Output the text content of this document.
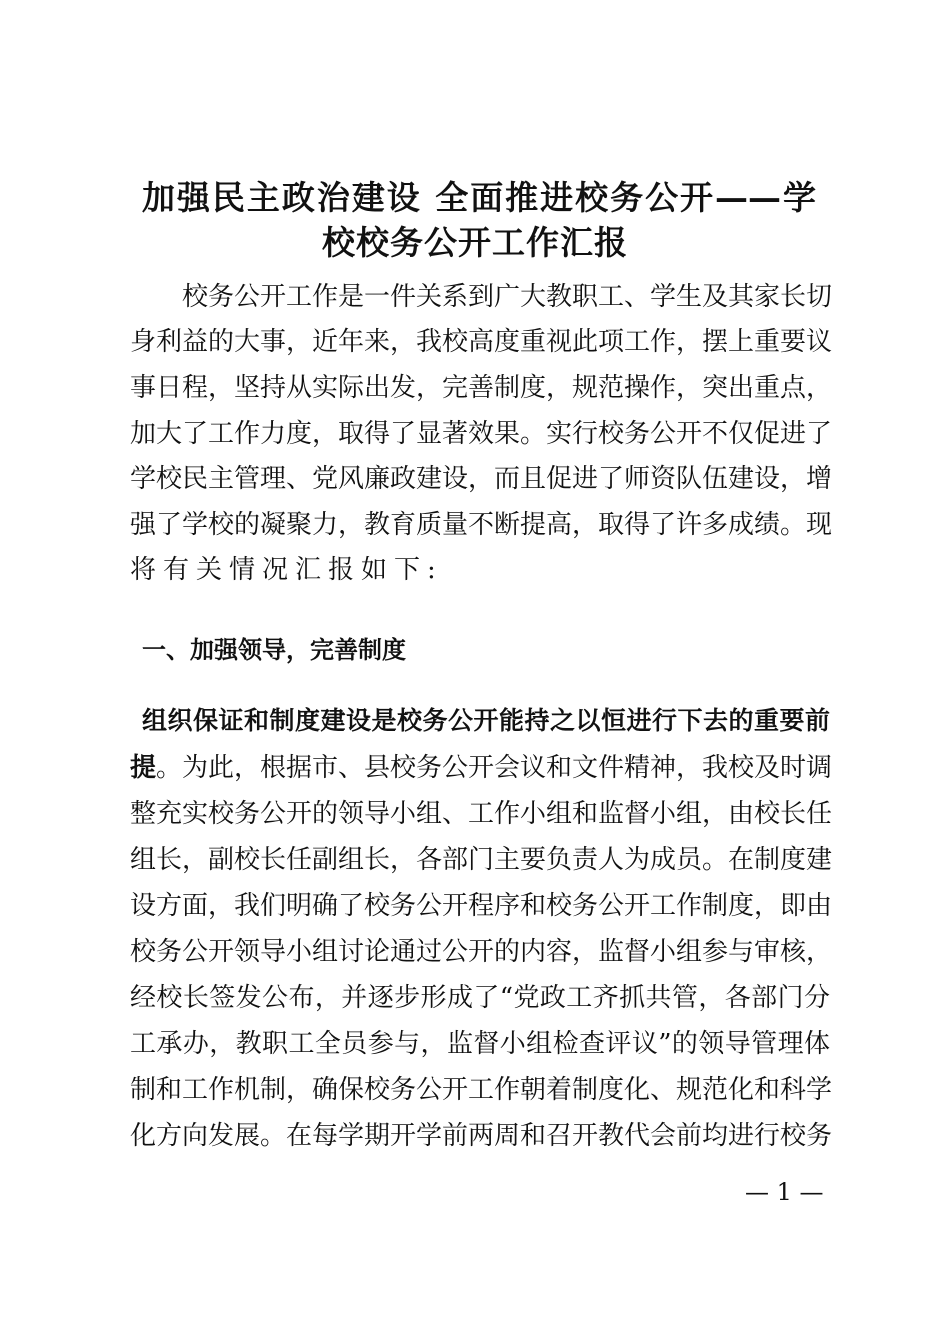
加强民主政治建设 全面推进校务公开——学
校校务公开工作汇报
　　校务公开工作是一件关系到广大教职工、学生及其家长切
身利益的大事，近年来，我校高度重视此项工作，摆上重要议
事日程，坚持从实际出发，完善制度，规范操作，突出重点，
加大了工作力度，取得了显著效果。实行校务公开不仅促进了
学校民主管理、党风廉政建设，而且促进了师资队伍建设，增
强了学校的凝聚力，教育质量不断提高，取得了许多成绩。现
将有关情况汇报如下:
一、加强领导，完善制度
组织保证和制度建设是校务公开能持之以恒进行下去的重要前
提。为此，根据市、县校务公开会议和文件精神，我校及时调
整充实校务公开的领导小组、工作小组和监督小组，由校长任
组长，副校长任副组长，各部门主要负责人为成员。在制度建
设方面，我们明确了校务公开程序和校务公开工作制度，即由
校务公开领导小组讨论通过公开的内容，监督小组参与审核，
经校长签发公布，并逐步形成了“党政工齐抓共管，各部门分
工承办，教职工全员参与，监督小组检查评议”的领导管理体
制和工作机制，确保校务公开工作朝着制度化、规范化和科学
化方向发展。在每学期开学前两周和召开教代会前均进行校务
— 1 —
